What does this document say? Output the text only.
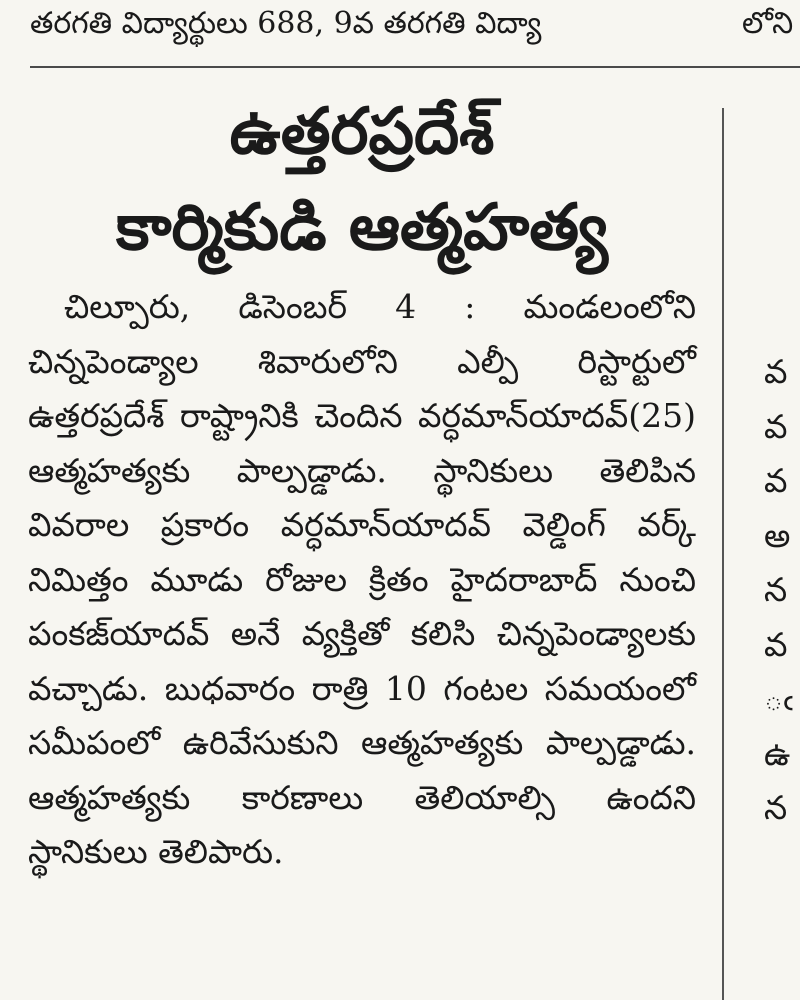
తరగతి విద్యార్థులు 688, 9వ తరగతి విద్యా	లోని
ఉత్తరప్రదేశ్
కార్మికుడి ఆత్మహత్య

చిల్పూరు, డిసెంబర్ 4 : మండలంలోని చిన్నపెండ్యాల శివారులోని ఎల్పీ రిస్టార్టులో ఉత్తరప్రదేశ్ రాష్ట్రానికి చెందిన వర్ధమాన్‌యాదవ్(25) ఆత్మహత్యకు పాల్పడ్డాడు. స్థానికులు తెలిపిన వివరాల ప్రకారం వర్ధమాన్‌యాదవ్ వెల్డింగ్ వర్క్ నిమిత్తం మూడు రోజుల క్రితం హైదరాబాద్ నుంచి పంకజ్‌యాదవ్ అనే వ్యక్తితో కలిసి చిన్నపెండ్యాలకు వచ్చాడు. బుధవారం రాత్రి 10 గంటల సమయంలో సమీపంలో ఉరివేసుకుని ఆత్మహత్యకు పాల్పడ్డాడు. ఆత్మహత్యకు కారణాలు తెలియాల్సి ఉందని స్థానికులు తెలిపారు.

వ
వ
వ
అ
న
వ
ఁ
ఉ
న
